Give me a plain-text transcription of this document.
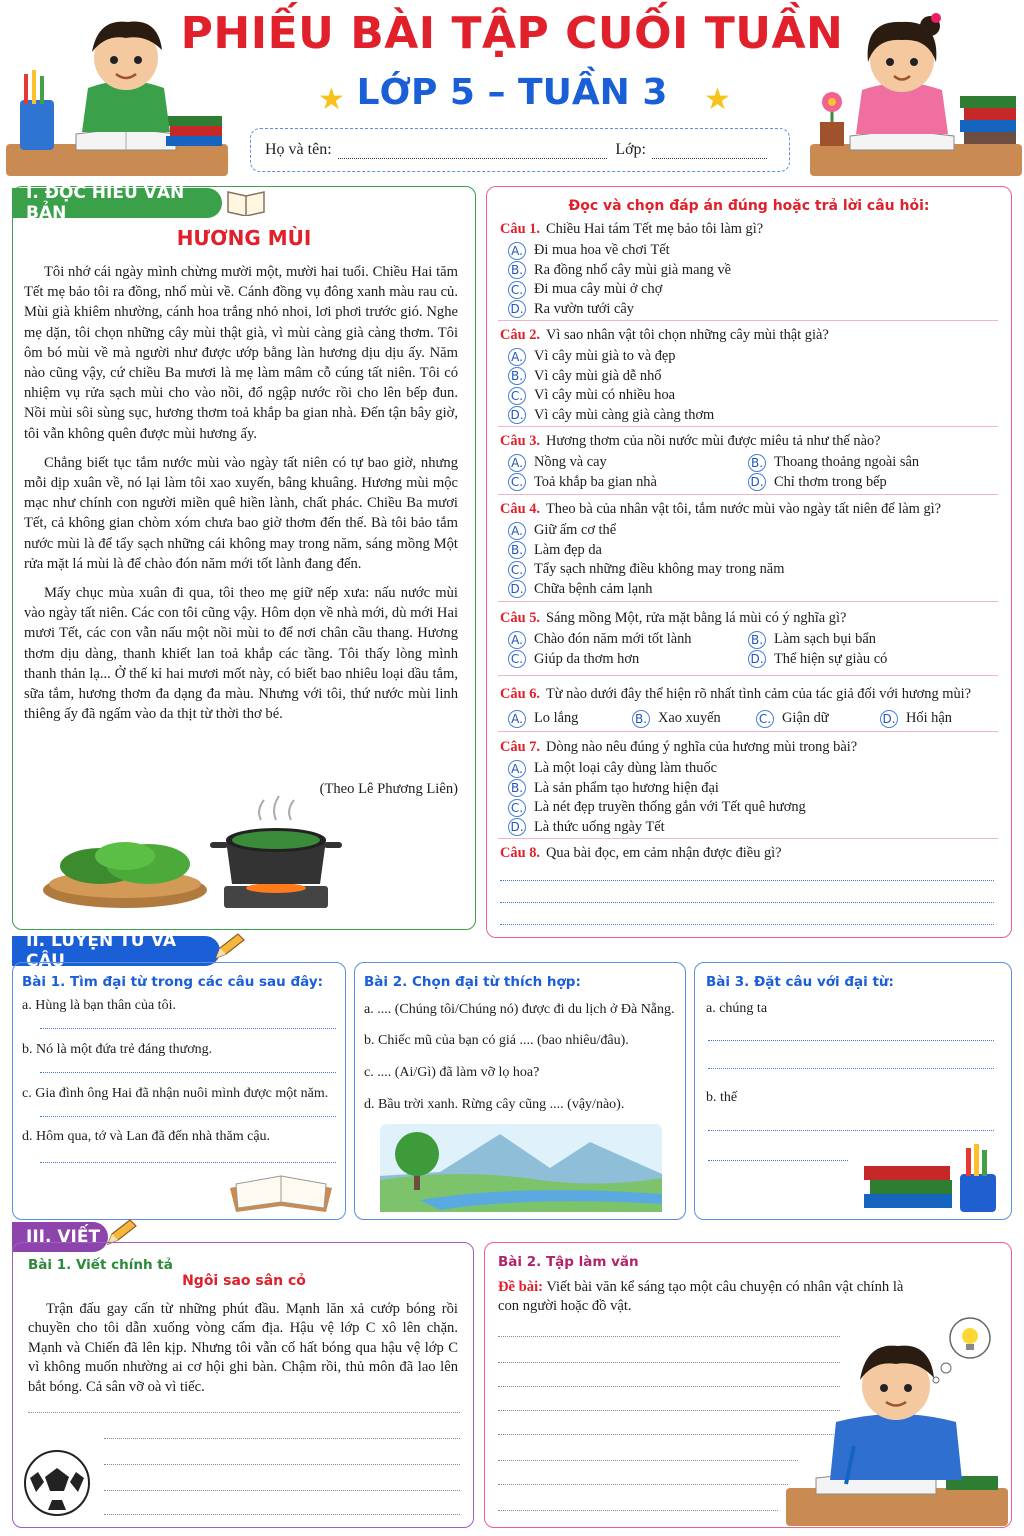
PHIẾU BÀI TẬP CUỐI TUẦN
LỚP 5 – TUẦN 3
★	★
Họ và tên:	Lớp:
I. ĐỌC HIỂU VĂN BẢN
HƯƠNG MÙI

Tôi nhớ cái ngày mình chừng mười một, mười hai tuổi. Chiều Hai tăm Tết mẹ bảo tôi ra đồng, nhổ mùi về. Cánh đồng vụ đông xanh màu rau củ. Mùi già khiêm nhường, cánh hoa trắng nhỏ nhoi, lơi phơi trước gió. Nghe mẹ dặn, tôi chọn những cây mùi thật già, vì mùi càng già càng thơm. Tôi ôm bó mùi về mà người như được ướp bằng làn hương dịu dịu ấy. Năm nào cũng vậy, cứ chiều Ba mươi là mẹ làm mâm cỗ cúng tất niên. Tôi có nhiệm vụ rửa sạch mùi cho vào nồi, đổ ngập nước rồi cho lên bếp đun. Nồi mùi sôi sùng sục, hương thơm toả khắp ba gian nhà. Đến tận bây giờ, tôi vẫn không quên được mùi hương ấy.

Chẳng biết tục tắm nước mùi vào ngày tất niên có tự bao giờ, nhưng mỗi dịp xuân về, nó lại làm tôi xao xuyến, bâng khuâng. Hương mùi mộc mạc như chính con người miền quê hiền lành, chất phác. Chiều Ba mươi Tết, cả không gian chòm xóm chưa bao giờ thơm đến thế. Bà tôi bảo tắm nước mùi là để tẩy sạch những cái không may trong năm, sáng mồng Một rửa mặt lá mùi là để chào đón năm mới tốt lành đang đến.

Mấy chục mùa xuân đi qua, tôi theo mẹ giữ nếp xưa: nấu nước mùi vào ngày tất niên. Các con tôi cũng vậy. Hôm dọn về nhà mới, dù mới Hai mươi Tết, các con vẫn nấu một nồi mùi to để nơi chân cầu thang. Hương thơm dịu dàng, thanh khiết lan toả khắp các tầng. Tôi thấy lòng mình thanh thản lạ... Ở thế kỉ hai mươi mốt này, có biết bao nhiêu loại dầu tắm, sữa tắm, hương thơm đa dạng đa màu. Nhưng với tôi, thứ nước mùi linh thiêng ấy đã ngấm vào da thịt từ thời thơ bé.

(Theo Lê Phương Liên)
Đọc và chọn đáp án đúng hoặc trả lời câu hỏi:
Câu 1. Chiều Hai tám Tết mẹ bảo tôi làm gì?
A. Đi mua hoa về chơi Tết
B. Ra đồng nhổ cây mùi già mang về
C. Đi mua cây mùi ở chợ
D. Ra vườn tưới cây
Câu 2. Vì sao nhân vật tôi chọn những cây mùi thật già?
A. Vì cây mùi già to và đẹp
B. Vì cây mùi già dễ nhổ
C. Vì cây mùi có nhiều hoa
D. Vì cây mùi càng già càng thơm
Câu 3. Hương thơm của nồi nước mùi được miêu tả như thế nào?
A. Nồng và cay	B. Thoang thoảng ngoài sân
C. Toả khắp ba gian nhà	D. Chỉ thơm trong bếp
Câu 4. Theo bà của nhân vật tôi, tắm nước mùi vào ngày tất niên để làm gì?
A. Giữ ấm cơ thể
B. Làm đẹp da
C. Tẩy sạch những điều không may trong năm
D. Chữa bệnh cảm lạnh
Câu 5. Sáng mồng Một, rửa mặt bằng lá mùi có ý nghĩa gì?
A. Chào đón năm mới tốt lành	B. Làm sạch bụi bẩn
C. Giúp da thơm hơn	D. Thể hiện sự giàu có
Câu 6. Từ nào dưới đây thể hiện rõ nhất tình cảm của tác giả đối với hương mùi?
A. Lo lắng	B. Xao xuyến	C. Giận dữ	D. Hối hận
Câu 7. Dòng nào nêu đúng ý nghĩa của hương mùi trong bài?
A. Là một loại cây dùng làm thuốc
B. Là sản phẩm tạo hương hiện đại
C. Là nét đẹp truyền thống gắn với Tết quê hương
D. Là thức uống ngày Tết
Câu 8. Qua bài đọc, em cảm nhận được điều gì?
II. LUYỆN TỪ VÀ CÂU
Bài 1. Tìm đại từ trong các câu sau đây:
a. Hùng là bạn thân của tôi.
b. Nó là một đứa trẻ đáng thương.
c. Gia đình ông Hai đã nhận nuôi mình được một năm.
d. Hôm qua, tớ và Lan đã đến nhà thăm cậu.
Bài 2. Chọn đại từ thích hợp:
a. .... (Chúng tôi/Chúng nó) được đi du lịch ở Đà Nẵng.
b. Chiếc mũ của bạn có giá .... (bao nhiêu/đâu).
c. .... (Ai/Gì) đã làm vỡ lọ hoa?
d. Bầu trời xanh. Rừng cây cũng .... (vậy/nào).
Bài 3. Đặt câu với đại từ:
a. chúng ta
b. thế
III. VIẾT
Bài 1. Viết chính tả
Ngôi sao sân cỏ

Trận đấu gay cấn từ những phút đầu. Mạnh lăn xả cướp bóng rồi chuyền cho tôi dẫn xuống vòng cấm địa. Hậu vệ lớp C xô lên chặn. Mạnh và Chiến đã lên kịp. Nhưng tôi vẫn cố hất bóng qua hậu vệ lớp C vì không muốn nhường ai cơ hội ghi bàn. Chậm rồi, thủ môn đã lao lên bắt bóng. Cả sân vỡ oà vì tiếc.

Bài 2. Tập làm văn
Đề bài: Viết bài văn kể sáng tạo một câu chuyện có nhân vật chính là con người hoặc đồ vật.
